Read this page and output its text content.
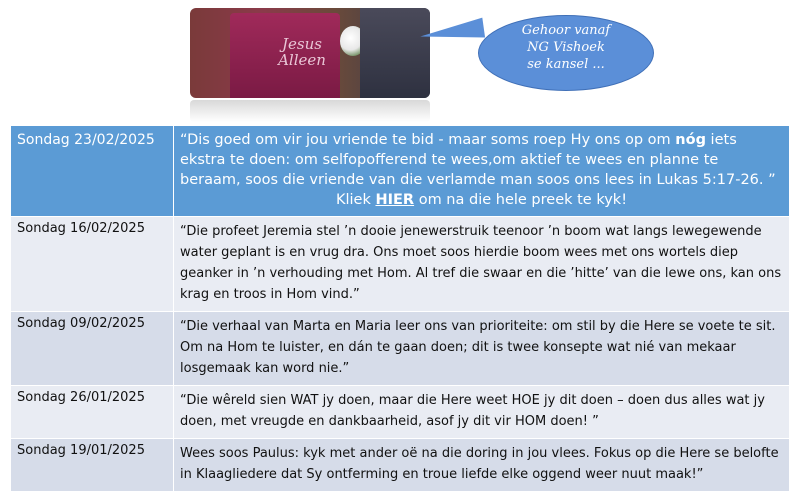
Jesus
Alleen
Gehoor vanaf
NG Vishoek
se kansel ...
Sondag 23/02/2025	“Dis goed om vir jou vriende te bid - maar soms roep Hy ons op om nóg iets ekstra te doen: om selfopofferend te wees,om aktief te wees en planne te beraam, soos die vriende van die verlamde man soos ons lees in Lukas 5:17-26. ”
Kliek HIER om na die hele preek te kyk!

Sondag 16/02/2025	“Die profeet Jeremia stel ’n dooie jenewerstruik teenoor ’n boom wat langs lewegewende water geplant is en vrug dra. Ons moet soos hierdie boom wees met ons wortels diep geanker in ’n verhouding met Hom. Al tref die swaar en die ’hitte’ van die lewe ons, kan ons krag en troos in Hom vind.”
Sondag 09/02/2025	“Die verhaal van Marta en Maria leer ons van prioriteite: om stil by die Here se voete te sit. Om na Hom te luister, en dán te gaan doen; dit is twee konsepte wat nié van mekaar losgemaak kan word nie.”
Sondag 26/01/2025	“Die wêreld sien WAT jy doen, maar die Here weet HOE jy dit doen – doen dus alles wat jy doen, met vreugde en dankbaarheid, asof jy dit vir HOM doen! ”
Sondag 19/01/2025	Wees soos Paulus: kyk met ander oë na die doring in jou vlees. Fokus op die Here se belofte in Klaagliedere dat Sy ontferming en troue liefde elke oggend weer nuut maak!”
